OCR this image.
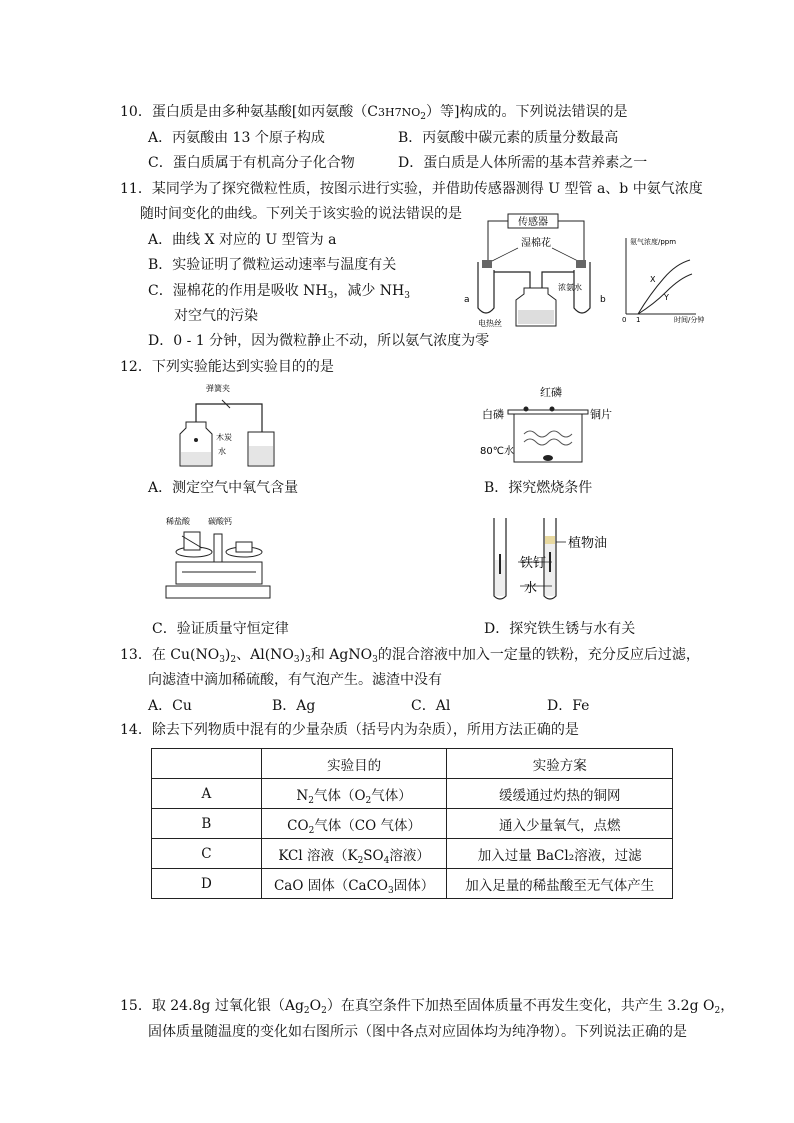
10．蛋白质是由多种氨基酸[如丙氨酸$(C3H7NO_2)$等]构成的。下列说法错误的是
A．丙氨酸由 13 个原子构成	B．丙氨酸中碳元素的质量分数最高
C．蛋白质属于有机高分子化合物	D．蛋白质是人体所需的基本营养素之一
11．某同学为了探究微粒性质，按图示进行实验，并借助传感器测得 U 型管 a、b 中氨气浓度
随时间变化的曲线。下列关于该实验的说法错误的是
A．曲线 X 对应的 U 型管为 a
B．实验证明了微粒运动速率与温度有关
C．湿棉花的作用是吸收 $NH_3$，减少 $NH_3$
对空气的污染
D．0 - 1 分钟，因为微粒静止不动，所以氨气浓度为零
传感器
湿棉花
a	b
电热丝
浓氨水
氨气浓度/ppm
时间/分钟
0 1
X
Y
12．下列实验能达到实验目的的是
弹簧夹
木炭
水
红磷
白磷	铜片
80℃水
A．测定空气中氧气含量	B．探究燃烧条件
稀盐酸 碳酸钙
植物油
铁钉
水
C．验证质量守恒定律	D．探究铁生锈与水有关
13．在 $Cu(NO_3)_2$、$Al(NO_3)_3$和 AgNO$_3$的混合溶液中加入一定量的铁粉，充分反应后过滤，
向滤渣中滴加稀硫酸，有气泡产生。滤渣中没有
A．Cu	B．Ag	C．Al	D．Fe
14．除去下列物质中混有的少量杂质（括号内为杂质），所用方法正确的是
	实验目的	实验方案
A	$N_2$气体（$O_2$气体）	缓缓通过灼热的铜网
B	$CO_2$气体（CO 气体）	通入少量氧气，点燃
C	KCl 溶液（$K_2SO_4$溶液）	加入过量 BaCl₂溶液，过滤
D	CaO 固体（CaCO$_3$固体）	加入足量的稀盐酸至无气体产生
15．取 24.8g 过氧化银$(Ag_2O_2)$在真空条件下加热至固体质量不再发生变化，共产生 3.2g $O_2$，
固体质量随温度的变化如右图所示（图中各点对应固体均为纯净物）。下列说法正确的是
